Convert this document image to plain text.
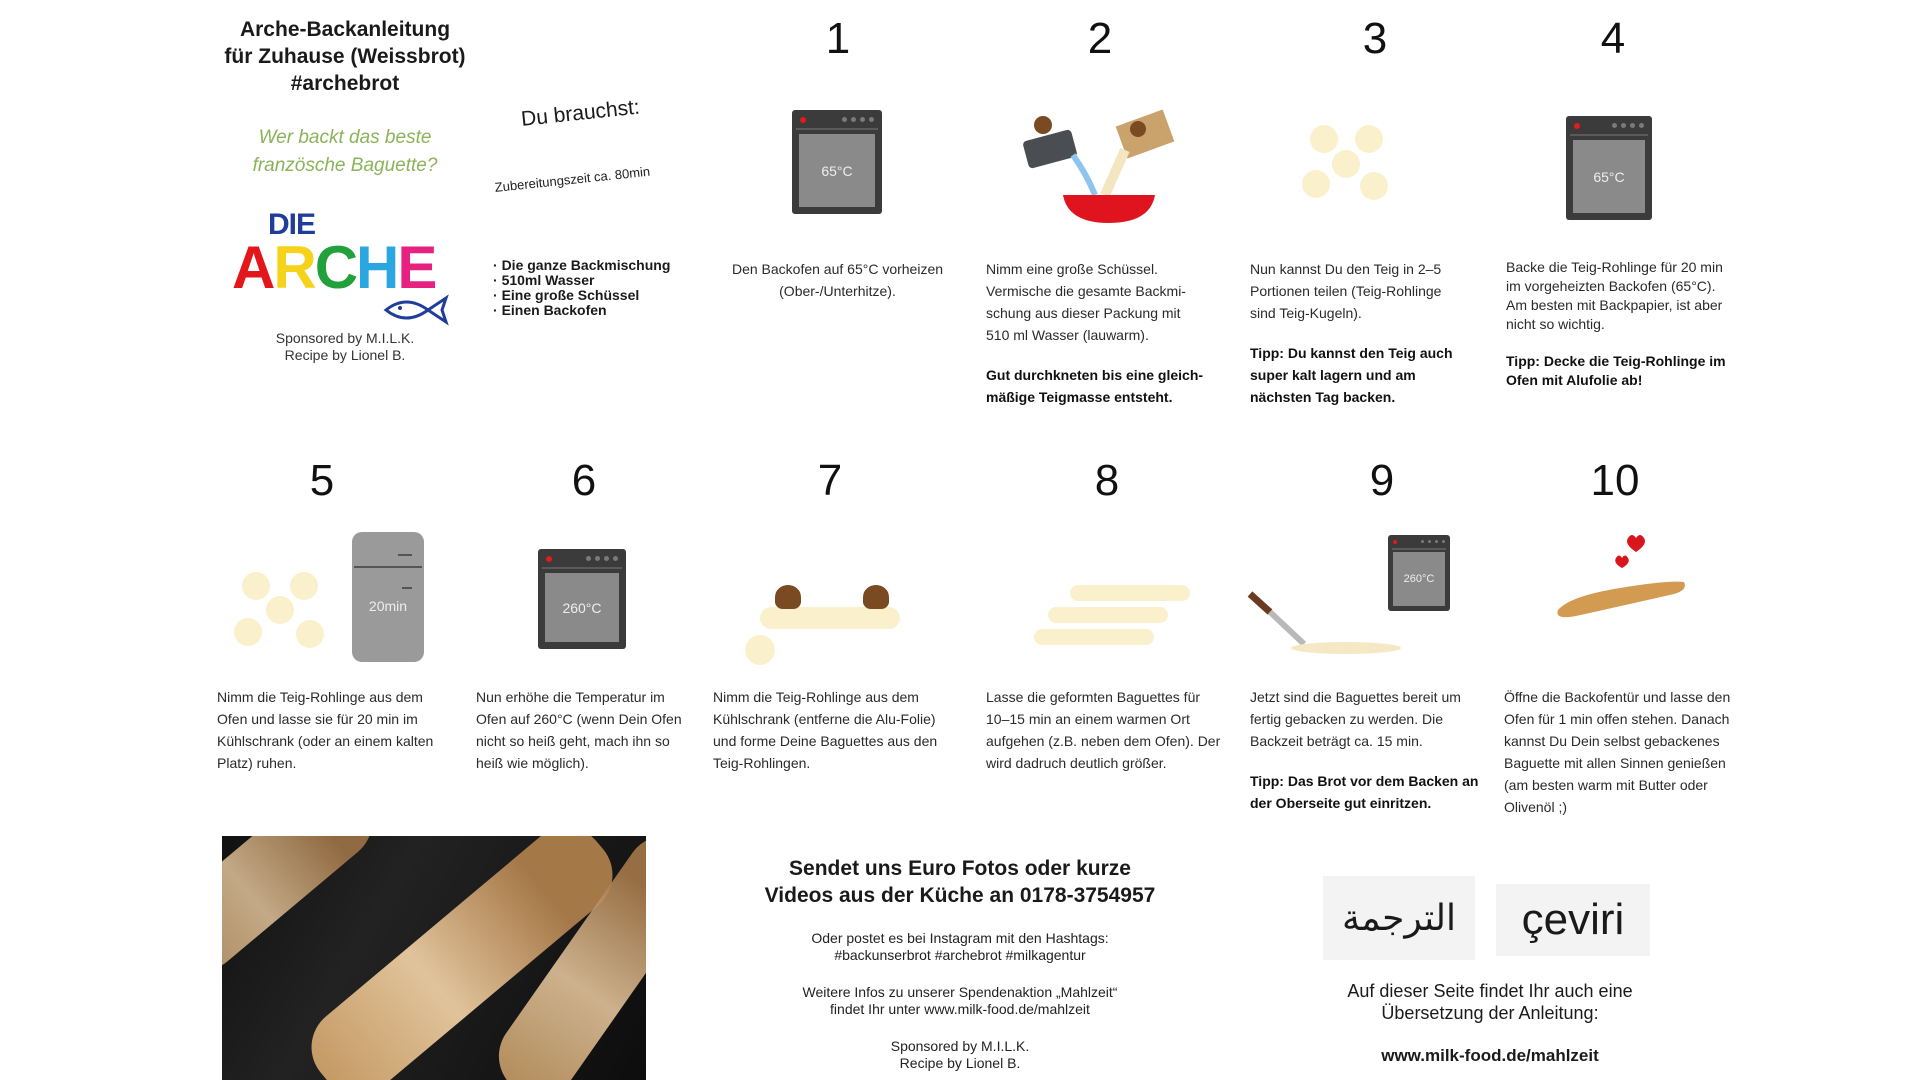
Arche-Backanleitung
für Zuhause (Weissbrot)
#archebrot
Wer backt das beste
französche Baguette?
DIE
ARCHE
Sponsored by M.I.L.K.
Recipe by Lionel B.
Du brauchst:
Zubereitungszeit ca. 80min
· Die ganze Backmischung
· 510ml Wasser
· Eine große Schüssel
· Einen Backofen
1
65°C
Den Backofen auf 65°C vorheizen (Ober-/Unterhitze).
2
Nimm eine große Schüssel. Vermische die gesamte Backmi-schung aus dieser Packung mit 510 ml Wasser (lauwarm).
Gut durchkneten bis eine gleich-mäßige Teigmasse entsteht.
3
Nun kannst Du den Teig in 2–5 Portionen teilen (Teig-Rohlinge sind Teig-Kugeln).
Tipp: Du kannst den Teig auch super kalt lagern und am nächsten Tag backen.
4
65°C
Backe die Teig-Rohlinge für 20 min im vorgeheizten Backofen (65°C). Am besten mit Backpapier, ist aber nicht so wichtig.
Tipp: Decke die Teig-Rohlinge im Ofen mit Alufolie ab!
5
20min
Nimm die Teig-Rohlinge aus dem Ofen und lasse sie für 20 min im Kühlschrank (oder an einem kalten Platz) ruhen.
6
260°C
Nun erhöhe die Temperatur im Ofen auf 260°C (wenn Dein Ofen nicht so heiß geht, mach ihn so heiß wie möglich).
7
Nimm die Teig-Rohlinge aus dem Kühlschrank (entferne die Alu-Folie) und forme Deine Baguettes aus den Teig-Rohlingen.
8
Lasse die geformten Baguettes für 10–15 min an einem warmen Ort aufgehen (z.B. neben dem Ofen). Der wird dadruch deutlich größer.
9
260°C
Jetzt sind die Baguettes bereit um fertig gebacken zu werden. Die Backzeit beträgt ca. 15 min.
Tipp: Das Brot vor dem Backen an der Oberseite gut einritzen.
10
Öffne die Backofentür und lasse den Ofen für 1 min offen stehen. Danach kannst Du Dein selbst gebackenes Baguette mit allen Sinnen genießen (am besten warm mit Butter oder Olivenöl ;)
Sendet uns Euro Fotos oder kurze
Videos aus der Küche an 0178-3754957
Oder postet es bei Instagram mit den Hashtags:
#backunserbrot #archebrot #milkagentur
Weitere Infos zu unserer Spendenaktion „Mahlzeit“
findet Ihr unter www.milk-food.de/mahlzeit
Sponsored by M.I.L.K.
Recipe by Lionel B.
الترجمة çeviri
Auf dieser Seite findet Ihr auch eine
Übersetzung der Anleitung:
www.milk-food.de/mahlzeit
